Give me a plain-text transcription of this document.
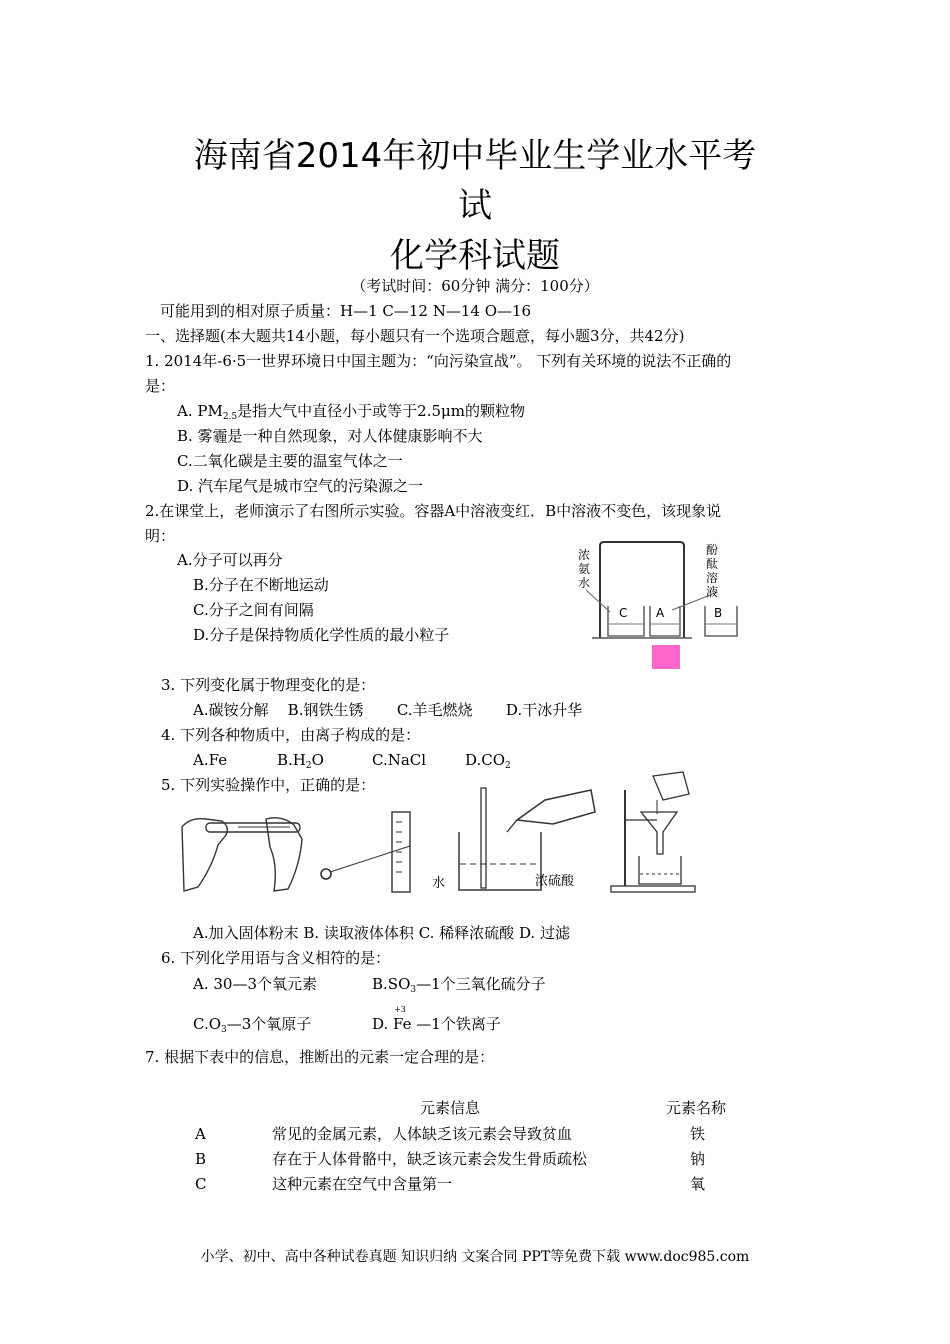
海南省2014年初中毕业生学业水平考
试
化学科试题
（考试时间：60分钟 满分：100分）
可能用到的相对原子质量：H—1 C—12 N—14 O—16
一、选择题(本大题共14小题，每小题只有一个选项合题意，每小题3分，共42分)
1. 2014年-6·5一世界环境日中国主题为：“向污染宣战”。 下列有关环境的说法不正确的
是：
A. $PM_{2.5}$是指大气中直径小于或等于2.5μm的颗粒物
B. 雾霾是一种自然现象，对人体健康影响不大
C.二氧化碳是主要的温室气体之一
D. 汽车尾气是城市空气的污染源之一
2.在课堂上，老师演示了右图所示实验。容器A中溶液变红．B中溶液不变色，该现象说
明：
A.分子可以再分
B.分子在不断地运动
C.分子之间有间隔
D.分子是保持物质化学性质的最小粒子
浓
氨
水
酚
酞
溶
液
C A	B
3. 下列变化属于物理变化的是：
A.碳铵分解    B.钢铁生锈       C.羊毛燃烧       D.干冰升华
4. 下列各种物质中，由离子构成的是：
A.Fe	$B.H_2O$	C.NaCl	$D.CO_2$
5. 下列实验操作中，正确的是：
水	浓硫酸
A.加入固体粉末 B. 读取液体体积 C. 稀释浓硫酸 D. 过滤
6. 下列化学用语与含义相符的是：
A. 30—3个氧元素	$B.SO_3—1$个三氧化硫分子
$C.O_3—3$个氧原子
+3
D. Fe —1个铁离子
7. 根据下表中的信息，推断出的元素一定合理的是：
元素信息	元素名称
A	常见的金属元素，人体缺乏该元素会导致贫血	铁
B	存在于人体骨骼中，缺乏该元素会发生骨质疏松	钠
C	这种元素在空气中含量第一	氧
小学、初中、高中各种试卷真题 知识归纳 文案合同 PPT等免费下载 www.doc985.com
